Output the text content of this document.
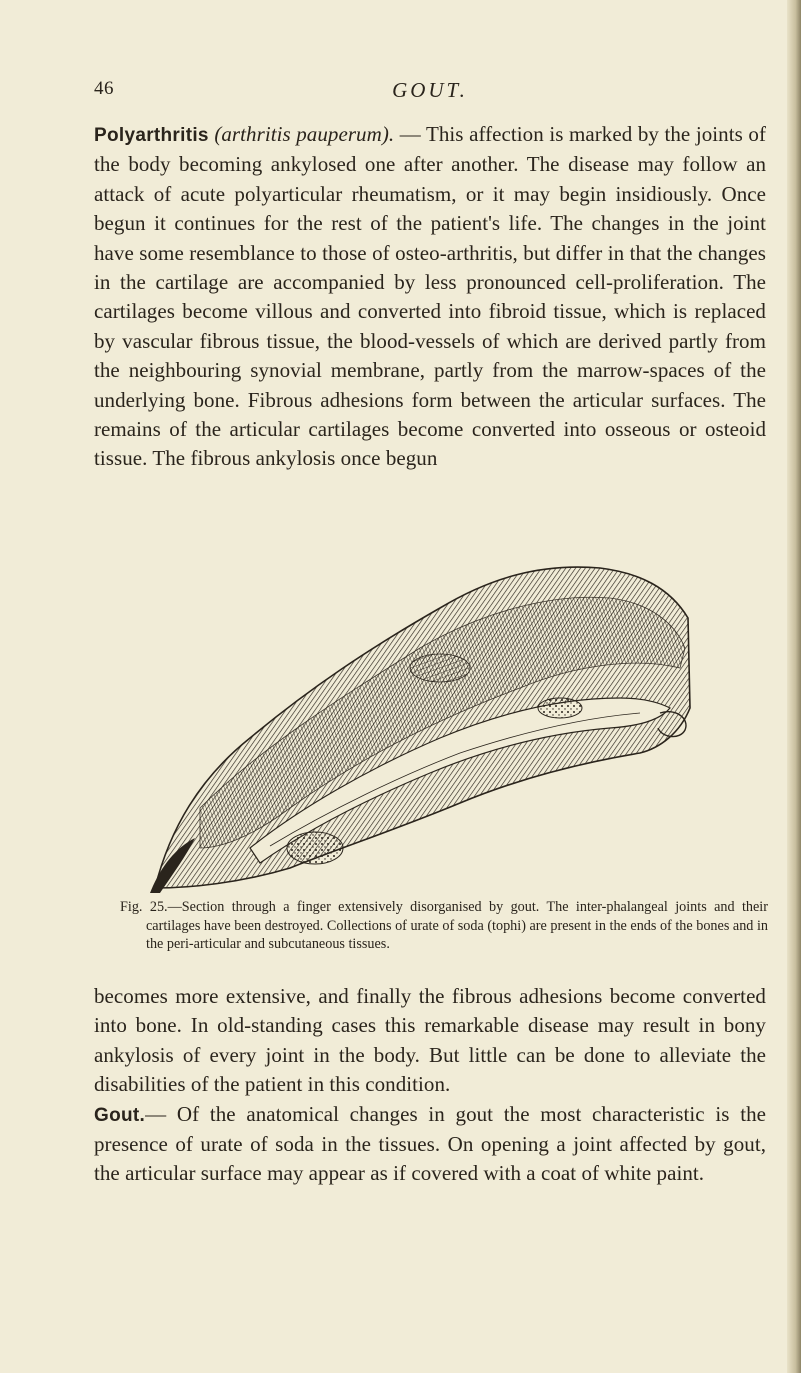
46	GOUT.

Polyarthritis (arthritis pauperum). — This affection is marked by the joints of the body becoming ankylosed one after another. The disease may follow an attack of acute polyarticular rheumatism, or it may begin insidiously. Once begun it continues for the rest of the patient's life. The changes in the joint have some resemblance to those of osteo-arthritis, but differ in that the changes in the cartilage are accompanied by less pronounced cell-proliferation. The cartilages become villous and converted into fibroid tissue, which is replaced by vascular fibrous tissue, the blood-vessels of which are derived partly from the neighbouring synovial membrane, partly from the marrow-spaces of the underlying bone. Fibrous adhesions form between the articular surfaces. The remains of the articular cartilages become converted into osseous or osteoid tissue. The fibrous ankylosis once begun

Fig. 25.—Section through a finger extensively disorganised by gout. The inter-phalangeal joints and their cartilages have been destroyed. Collections of urate of soda (tophi) are present in the ends of the bones and in the peri-articular and subcutaneous tissues.

becomes more extensive, and finally the fibrous adhesions become converted into bone. In old-standing cases this remarkable disease may result in bony ankylosis of every joint in the body. But little can be done to alleviate the disabilities of the patient in this condition.

Gout.— Of the anatomical changes in gout the most characteristic is the presence of urate of soda in the tissues. On opening a joint affected by gout, the articular surface may appear as if covered with a coat of white paint.
